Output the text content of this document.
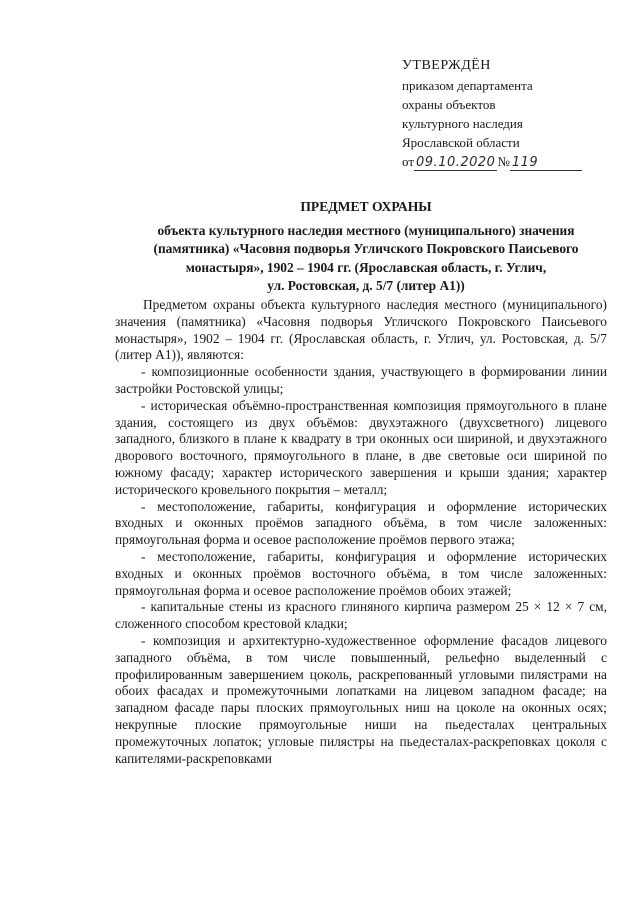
УТВЕРЖДЁН
приказом департамента
охраны объектов
культурного наследия
Ярославской области
от 09.10.2020 № 119
ПРЕДМЕТ ОХРАНЫ
объекта культурного наследия местного (муниципального) значения
(памятника) «Часовня подворья Угличского Покровского Паисьевого
монастыря», 1902 – 1904 гг. (Ярославская область, г. Углич,
ул. Ростовская, д. 5/7 (литер А1))

Предметом охраны объекта культурного наследия местного (муниципального) значения (памятника) «Часовня подворья Угличского Покровского Паисьевого монастыря», 1902 – 1904 гг. (Ярославская область, г. Углич, ул. Ростовская, д. 5/7 (литер А1)), являются:

- композиционные особенности здания, участвующего в формировании линии застройки Ростовской улицы;

- историческая объёмно-пространственная композиция прямоугольного в плане здания, состоящего из двух объёмов: двухэтажного (двухсветного) лицевого западного, близкого в плане к квадрату в три оконных оси шириной, и двухэтажного дворового восточного, прямоугольного в плане, в две световые оси шириной по южному фасаду; характер исторического завершения и крыши здания; характер исторического кровельного покрытия – металл;

- местоположение, габариты, конфигурация и оформление исторических входных и оконных проёмов западного объёма, в том числе заложенных: прямоугольная форма и осевое расположение проёмов первого этажа;

- местоположение, габариты, конфигурация и оформление исторических входных и оконных проёмов восточного объёма, в том числе заложенных: прямоугольная форма и осевое расположение проёмов обоих этажей;

- капитальные стены из красного глиняного кирпича размером 25 × 12 × 7 см, сложенного способом крестовой кладки;

- композиция и архитектурно-художественное оформление фасадов лицевого западного объёма, в том числе повышенный, рельефно выделенный с профилированным завершением цоколь, раскрепованный угловыми пилястрами на обоих фасадах и промежуточными лопатками на лицевом западном фасаде; на западном фасаде пары плоских прямоугольных ниш на цоколе на оконных осях; некрупные плоские прямоугольные ниши на пьедесталах центральных промежуточных лопаток; угловые пилястры на пьедесталах-раскреповках цоколя с капителями-раскреповками
